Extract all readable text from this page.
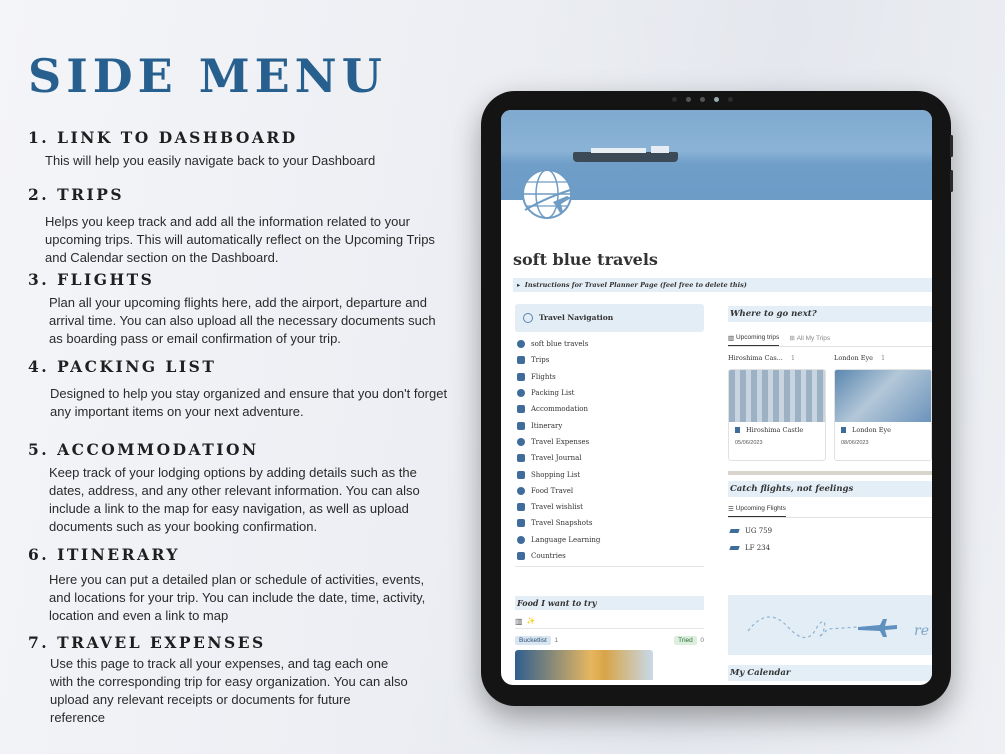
SIDE MENU
1. LINK TO DASHBOARD

This will help you easily navigate back to your Dashboard

2. TRIPS

Helps you keep track and add all the information related to your upcoming trips. This will automatically reflect on the Upcoming Trips and Calendar section on the Dashboard.

3. FLIGHTS

Plan all your upcoming flights here, add the airport, departure and arrival time. You can also upload all the necessary documents such as boarding pass or email confirmation of your trip.

4. PACKING LIST

Designed to help you stay organized and ensure that you don't forget any important items on your next adventure.

5. ACCOMMODATION

Keep track of your lodging options by adding details such as the dates, address, and any other relevant information. You can also include a link to the map for easy navigation, as well as upload documents such as your booking confirmation.

6. ITINERARY

Here you can put a detailed plan or schedule of activities, events, and locations for your trip. You can include the date, time, activity, location and even a link to map

7. TRAVEL EXPENSES

Use this page to track all your expenses, and tag each one with the corresponding trip for easy organization. You can also upload any relevant receipts or documents for future reference

soft blue travels
▸  Instructions for Travel Planner Page (feel free to delete this)
Travel Navigation
soft blue travels
Trips
Flights
Packing List
Accommodation
Itinerary
Travel Expenses
Travel Journal
Shopping List
Food Travel
Travel wishlist
Travel Snapshots
Language Learning
Countries
Food I want to try
▥ ✨
Bucketlist 1	Tried 0
Where to go next?
▥ Upcoming trips ⊞ All My Trips
Hiroshima Cas... 1
Hiroshima Castle
05/06/2023
London Eye 1
London Eye
08/06/2023
Catch flights, not feelings
☰ Upcoming Flights
UG 759
LF 234
re
My Calendar
